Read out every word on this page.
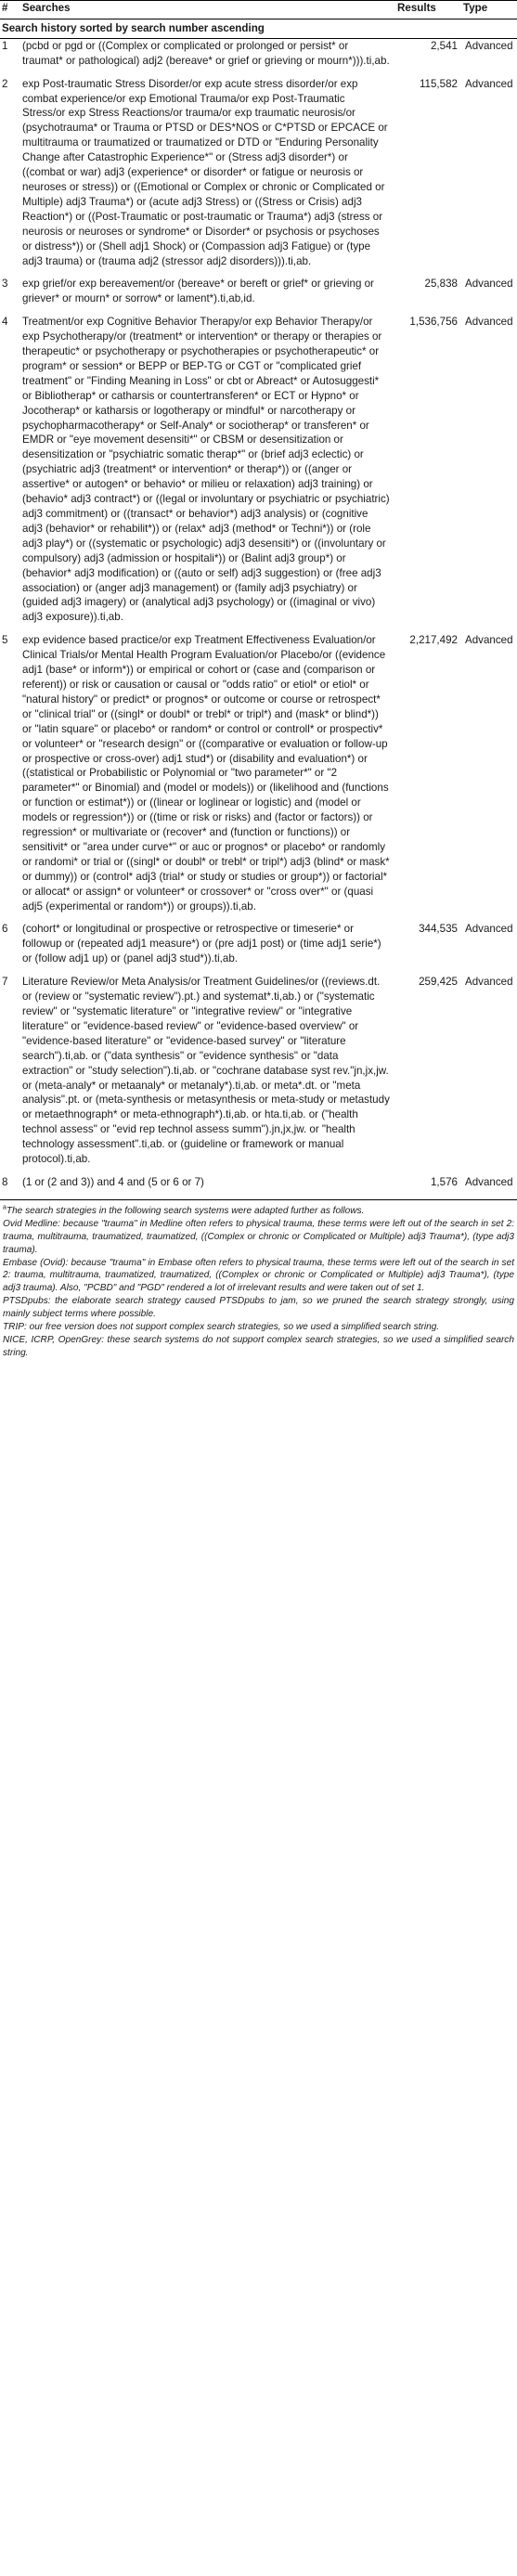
#	Searches	Results	Type
Search history sorted by search number ascending			
1	(pcbd or pgd or ((Complex or complicated or prolonged or persist* or traumat* or pathological) adj2 (bereave* or grief or grieving or mourn*))).ti,ab.	2,541	Advanced
2	exp Post-traumatic Stress Disorder/or exp acute stress disorder/or exp combat experience/or exp Emotional Trauma/or exp Post-Traumatic Stress/or exp Stress Reactions/or trauma/or exp traumatic neurosis/or (psychotrauma* or Trauma or PTSD or DES*NOS or C*PTSD or EPCACE or multitrauma or traumatized or traumatized or DTD or "Enduring Personality Change after Catastrophic Experience*" or (Stress adj3 disorder*) or ((combat or war) adj3 (experience* or disorder* or fatigue or neurosis or neuroses or stress)) or ((Emotional or Complex or chronic or Complicated or Multiple) adj3 Trauma*) or (acute adj3 Stress) or ((Stress or Crisis) adj3 Reaction*) or ((Post-Traumatic or post-traumatic or Trauma*) adj3 (stress or neurosis or neuroses or syndrome* or Disorder* or psychosis or psychoses or distress*)) or (Shell adj1 Shock) or (Compassion adj3 Fatigue) or (type adj3 trauma) or (trauma adj2 (stressor adj2 disorders))).ti,ab.	115,582	Advanced
3	exp grief/or exp bereavement/or (bereave* or bereft or grief* or grieving or griever* or mourn* or sorrow* or lament*).ti,ab,id.	25,838	Advanced
4	Treatment/or exp Cognitive Behavior Therapy/or exp Behavior Therapy/or exp Psychotherapy/or (treatment* or intervention* or therapy or therapies or therapeutic* or psychotherapy or psychotherapies or psychotherapeutic* or program* or session* or BEPP or BEP-TG or CGT or "complicated grief treatment" or "Finding Meaning in Loss" or cbt or Abreact* or Autosuggesti* or Bibliotherap* or catharsis or countertransferen* or ECT or Hypno* or Jocotherap* or katharsis or logotherapy or mindful* or narcotherapy or psychopharmacotherapy* or Self-Analy* or sociotherap* or transferen* or EMDR or "eye movement desensiti*" or CBSM or desensitization or desensitization or "psychiatric somatic therap*" or (brief adj3 eclectic) or (psychiatric adj3 (treatment* or intervention* or therap*)) or ((anger or assertive* or autogen* or behavio* or milieu or relaxation) adj3 training) or (behavio* adj3 contract*) or ((legal or involuntary or psychiatric or psychiatric) adj3 commitment) or ((transact* or behavior*) adj3 analysis) or (cognitive adj3 (behavior* or rehabilit*)) or (relax* adj3 (method* or Techni*)) or (role adj3 play*) or ((systematic or psychologic) adj3 desensiti*) or ((involuntary or compulsory) adj3 (admission or hospitali*)) or (Balint adj3 group*) or (behavior* adj3 modification) or ((auto or self) adj3 suggestion) or (free adj3 association) or (anger adj3 management) or (family adj3 psychiatry) or (guided adj3 imagery) or (analytical adj3 psychology) or ((imaginal or vivo) adj3 exposure)).ti,ab.	1,536,756	Advanced
5	exp evidence based practice/or exp Treatment Effectiveness Evaluation/or Clinical Trials/or Mental Health Program Evaluation/or Placebo/or ((evidence adj1 (base* or inform*)) or empirical or cohort or (case and (comparison or referent)) or risk or causation or causal or "odds ratio" or etiol* or etiol* or "natural history" or predict* or prognos* or outcome or course or retrospect* or "clinical trial" or ((singl* or doubl* or trebl* or tripl*) and (mask* or blind*)) or "latin square" or placebo* or random* or control or controll* or prospectiv* or volunteer* or "research design" or ((comparative or evaluation or follow-up or prospective or cross-over) adj1 stud*) or (disability and evaluation*) or ((statistical or Probabilistic or Polynomial or "two parameter*" or "2 parameter*" or Binomial) and (model or models)) or (likelihood and (functions or function or estimat*)) or ((linear or loglinear or logistic) and (model or models or regression*)) or ((time or risk or risks) and (factor or factors)) or regression* or multivariate or (recover* and (function or functions)) or sensitivit* or "area under curve*" or auc or prognos* or placebo* or randomly or randomi* or trial or ((singl* or doubl* or trebl* or tripl*) adj3 (blind* or mask* or dummy)) or (control* adj3 (trial* or study or studies or group*)) or factorial* or allocat* or assign* or volunteer* or crossover* or "cross over*" or (quasi adj5 (experimental or random*)) or groups)).ti,ab.	2,217,492	Advanced
6	(cohort* or longitudinal or prospective or retrospective or timeserie* or followup or (repeated adj1 measure*) or (pre adj1 post) or (time adj1 serie*) or (follow adj1 up) or (panel adj3 stud*)).ti,ab.	344,535	Advanced
7	Literature Review/or Meta Analysis/or Treatment Guidelines/or ((reviews.dt. or (review or "systematic review").pt.) and systemat*.ti,ab.) or ("systematic review" or "systematic literature" or "integrative review" or "integrative literature" or "evidence-based review" or "evidence-based overview" or "evidence-based literature" or "evidence-based survey" or "literature search").ti,ab. or ("data synthesis" or "evidence synthesis" or "data extraction" or "study selection").ti,ab. or "cochrane database syst rev."jn,jx,jw. or (meta-analy* or metaanaly* or metanaly*).ti,ab. or meta*.dt. or "meta analysis".pt. or (meta-synthesis or metasynthesis or meta-study or metastudy or metaethnograph* or meta-ethnograph*).ti,ab. or hta.ti,ab. or ("health technol assess" or "evid rep technol assess summ").jn,jx,jw. or "health technology assessment".ti,ab. or (guideline or framework or manual protocol).ti,ab.	259,425	Advanced
8	(1 or (2 and 3)) and 4 and (5 or 6 or 7)	1,576	Advanced

$^a$The search strategies in the following search systems were adapted further as follows.

Ovid Medline: because "trauma" in Medline often refers to physical trauma, these terms were left out of the search in set 2: trauma, multitrauma, traumatized, traumatized, ((Complex or chronic or Complicated or Multiple) adj3 Trauma*), (type adj3 trauma).

Embase (Ovid): because "trauma" in Embase often refers to physical trauma, these terms were left out of the search in set 2: trauma, multitrauma, traumatized, traumatized, ((Complex or chronic or Complicated or Multiple) adj3 Trauma*), (type adj3 trauma). Also, "PCBD" and "PGD" rendered a lot of irrelevant results and were taken out of set 1.

PTSDpubs: the elaborate search strategy caused PTSDpubs to jam, so we pruned the search strategy strongly, using mainly subject terms where possible.

TRIP: our free version does not support complex search strategies, so we used a simplified search string.

NICE, ICRP, OpenGrey: these search systems do not support complex search strategies, so we used a simplified search string.
